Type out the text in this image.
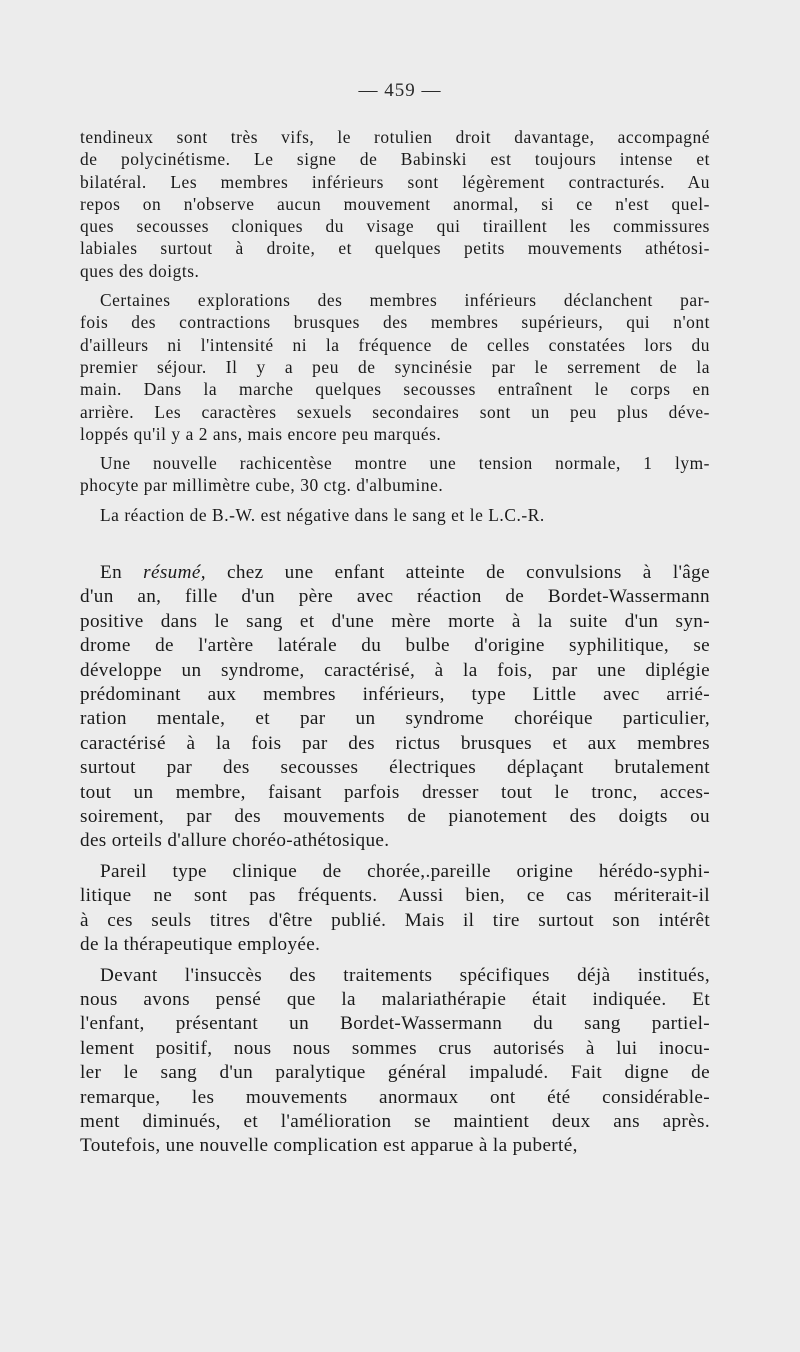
— 459 —

tendineux sont très vifs, le rotulien droit davantage, accompagné
de polycinétisme. Le signe de Babinski est toujours intense et
bilatéral. Les membres inférieurs sont légèrement contracturés. Au
repos on n'observe aucun mouvement anormal, si ce n'est quel-
ques secousses cloniques du visage qui tiraillent les commissures
labiales surtout à droite, et quelques petits mouvements athétosi-
ques des doigts.

Certaines explorations des membres inférieurs déclanchent par-
fois des contractions brusques des membres supérieurs, qui n'ont
d'ailleurs ni l'intensité ni la fréquence de celles constatées lors du
premier séjour. Il y a peu de syncinésie par le serrement de la
main. Dans la marche quelques secousses entraînent le corps en
arrière. Les caractères sexuels secondaires sont un peu plus déve-
loppés qu'il y a 2 ans, mais encore peu marqués.

Une nouvelle rachicentèse montre une tension normale, 1 lym-
phocyte par millimètre cube, 30 ctg. d'albumine.

La réaction de B.-W. est négative dans le sang et le L.C.-R.

En résumé, chez une enfant atteinte de convulsions à l'âge
d'un an, fille d'un père avec réaction de Bordet-Wassermann
positive dans le sang et d'une mère morte à la suite d'un syn-
drome de l'artère latérale du bulbe d'origine syphilitique, se
développe un syndrome, caractérisé, à la fois, par une diplégie
prédominant aux membres inférieurs, type Little avec arrié-
ration mentale, et par un syndrome choréique particulier,
caractérisé à la fois par des rictus brusques et aux membres
surtout par des secousses électriques déplaçant brutalement
tout un membre, faisant parfois dresser tout le tronc, acces-
soirement, par des mouvements de pianotement des doigts ou
des orteils d'allure choréo-athétosique.

Pareil type clinique de chorée,.pareille origine hérédo-syphi-
litique ne sont pas fréquents. Aussi bien, ce cas mériterait-il
à ces seuls titres d'être publié. Mais il tire surtout son intérêt
de la thérapeutique employée.

Devant l'insuccès des traitements spécifiques déjà institués,
nous avons pensé que la malariathérapie était indiquée. Et
l'enfant, présentant un Bordet-Wassermann du sang partiel-
lement positif, nous nous sommes crus autorisés à lui inocu-
ler le sang d'un paralytique général impaludé. Fait digne de
remarque, les mouvements anormaux ont été considérable-
ment diminués, et l'amélioration se maintient deux ans après.
Toutefois, une nouvelle complication est apparue à la puberté,
